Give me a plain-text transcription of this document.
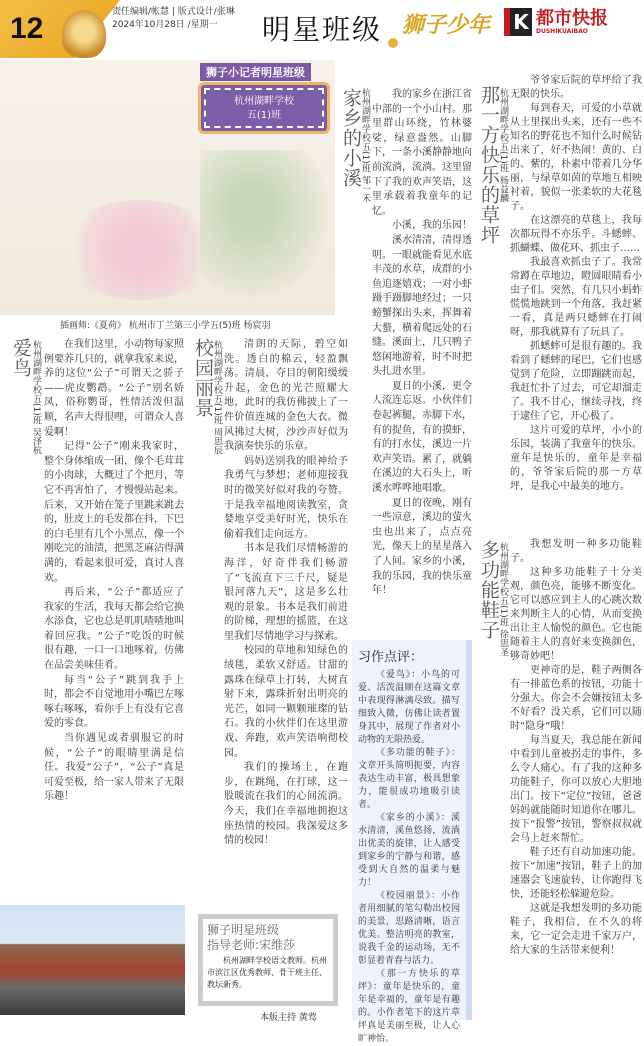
12	责任编辑/帐慧 | 版式设计/张琳
2024年10月28日 /星期一	明星班级 狮子少年	K 都市快报
DUSHIKUAIBAO
狮子小记者明星班级
杭州湖畔学校
五(1)班
插画师:《夏荷》 杭州市丁兰第三小学五(5)班 杨宸羽
爱鸟 杭州湖畔学校五(1)班 吴泽杭	在我们这里，小动物每家照例要养几只的，就拿我家来说，养的这位“公子”可谓天之骄子——虎皮鹦鹉。“公子”别名娇凤，俗称鹦哥，性情活泼但温顺，名声大得很哩，可谓众人喜爱啊！

记得“公子”刚来我家时，整个身体缩成一团，像个毛茸茸的小肉球，大概过了个把月，等它不再害怕了，才慢慢站起来。后来，又开始在笼子里跳来跳去的，肚皮上的毛发都在抖，下巴的白毛里有几个小黑点，像一个刚吃完的油渍，把黑芝麻沾得满满的，看起来很可爱，真讨人喜欢。

再后来，“公子”都适应了我家的生活，我每天都会给它换水添食，它也总是叽叽喳喳地叫着回应我。“公子”吃饭的时候很有趣，一口一口地啄着，仿佛在品尝美味佳肴。

每当“公子”跳到我手上时，都会不自觉地用小嘴巴左啄啄右啄啄，看你手上有没有它喜爱的零食。

当你遇见或者驯服它的时候，“公子”的眼睛里满是信任。我爱“公子”，“公子”真是可爱至极，给一家人带来了无限乐趣！

校园丽景
杭州湖畔学校五(1)班 周思辰	清朗的天际，碧空如洗。透白的棉云，轻盈飘荡。清晨，夺目的朝阳缓缓升起，金色的光芒照耀大地，此时的我仿佛披上了一件价值连城的金色大衣。微风拂过大树，沙沙声好似为我演奏快乐的乐章。

妈妈送别我的眼神给予我勇气与梦想；老师迎接我时的微笑好似对我的夸赞。于是我幸福地阅读教室，贪婪地享受美好时光，快乐在偷着我们走向远方。

书本是我们尽情畅游的海洋，好奇伴我们畅游了“飞流直下三千尺，疑是银河落九天”，这是多么壮观的景象。书本是我们前进的阶梯，理想的摇篮，在这里我们尽情地学习与探索。

校园的草地和知绿色的绒毯，柔软又舒适。甘甜的露珠在绿草上打转，大树直射下来，露珠折射出明亮的光芒，如同一颗颗璀璨的钻石。我的小伙伴们在这里游戏、奔跑，欢声笑语响彻校园。

我们的操场上，在跑步，在跳绳，在打球，这一股暖流在我们的心间流淌。今天，我们在幸福地拥抱这座热情的校园。我深爱这多情的校园！

家乡的小溪
杭州湖畔学校五(1)班 邹一禾	我的家乡在浙江省中部的一个小山村。那里群山环绕，竹林婆娑，绿意盎然。山脚下，一条小溪静静地向前流淌，流淌。这里留下了我的欢声笑语，这里承载着我童年的记忆。

小溪，我的乐园！

溪水清清，清得透明。一眼就能看见水底丰茂的水草，成群的小鱼追逐嬉戏；一对小虾蹑手蹑脚地经过；一只螃蟹探出头来，挥舞着大螯，横着爬远处的石缝。溪面上，几只鸭子悠闲地游着，时不时把头扎进水里。

夏日的小溪，更令人流连忘返。小伙伴们卷起裤腿，赤脚下水，有的捉鱼，有的摸虾，有的打水仗，溪边一片欢声笑语。累了，就躺在溪边的大石头上，听溪水哗哗地唱歌。

夏日的夜晚，刚有一些凉意，溪边的萤火虫也出来了，点点亮光，像天上的星星落入了人间。家乡的小溪，我的乐园，我的快乐童年！

习作点评：

《爱鸟》：小鸟的可爱、活泼温顺在这篇文章中表现得淋漓尽致。描写细致入微，仿佛让读者置身其中，展现了作者对小动物的无限热爱。

《多功能的鞋子》：文章开头简明扼要，内容表达生动丰富，极具想象力，能很成功地吸引读者。

《家乡的小溪》：溪水清清，溪鱼悠扬，流淌出优美的旋律，让人感受到家乡的宁静与和谐，感受到大自然的温柔与魅力！

《校园丽景》：小作者用细腻的笔勾勒出校园的美景，思路清晰，语言优美。整洁明亮的教室，说我千金的运动场，无不彰显着青春与活力。

《那一方快乐的草坪》：童年是快乐的，童年是幸福的，童年是有趣的。小作者笔下的这片草坪真是美丽至极，让人心旷神怡。

狮子明星班级
指导老师:宋维莎
杭州湖畔学校语文教师。杭州市滨江区优秀教师、骨干班主任、教坛新秀。
本版主持 黄莺
那一方快乐的草坪
杭州湖畔学校五(1)班 杨益麟

爷爷家后院的草坪给了我无限的快乐。

每到春天，可爱的小草就从土里探出头来，还有一些不知名的野花也不知什么时候钻出来了，好不热闹！黄的、白的、紫的，朴素中带着几分华丽，与绿草如茵的草地互相映衬着，貌似一张柔软的大花毯子。

在这漂亮的草毯上，我每次都玩得不亦乐乎。斗蟋蟀、抓蝴蝶、做花环、抓虫子……

我最喜欢抓虫子了。我常常蹲在草地边，瞪圆眼睛看小虫子们。突然，有几只小蚂蚱慌慌地跳到一个角落，我赶紧一看，真是两只蟋蟀在打闹呀，那我就算有了玩具了。

抓蟋蟀可是很有趣的。我看到了蟋蟀的尾巴，它们也感觉到了危险，立即蹦跳而起，我赶忙扑了过去，可它却溜走了。我不甘心，继续寻找，终于逮住了它，开心极了。

这片可爱的草坪，小小的乐园，装满了我童年的快乐。童年是快乐的，童年是幸福的，爷爷家后院的那一方草坪，是我心中最美的地方。

多功能鞋子
杭州湖畔学校五(1)班 徐思圣	我想发明一种多功能鞋子。

这种多功能鞋子十分美观，颜色亮，能够不断变化。它可以感应到主人的心跳次数来判断主人的心情，从而变换出让主人愉悦的颜色。它也能随着主人的喜好来变换颜色，够奇妙吧！

更神奇的是，鞋子两侧各有一排蓝色系的按钮，功能十分强大。你会不会嫌按钮太多不好看？没关系，它们可以随时“隐身”哦！

每当夏天，我总能在新闻中看到儿童被拐走的事件，多么令人痛心。有了我的这种多功能鞋子，你可以放心大胆地出门。按下“定位”按钮，爸爸妈妈就能随时知道你在哪儿。按下“报警”按钮，警察叔叔就会马上赶来帮忙。

鞋子还有自动加速功能。按下“加速”按钮，鞋子上的加速器会飞速旋转，让你跑得飞快，还能轻松躲避危险。

这就是我想发明的多功能鞋子，我相信，在不久的将来，它一定会走进千家万户，给大家的生活带来便利！
